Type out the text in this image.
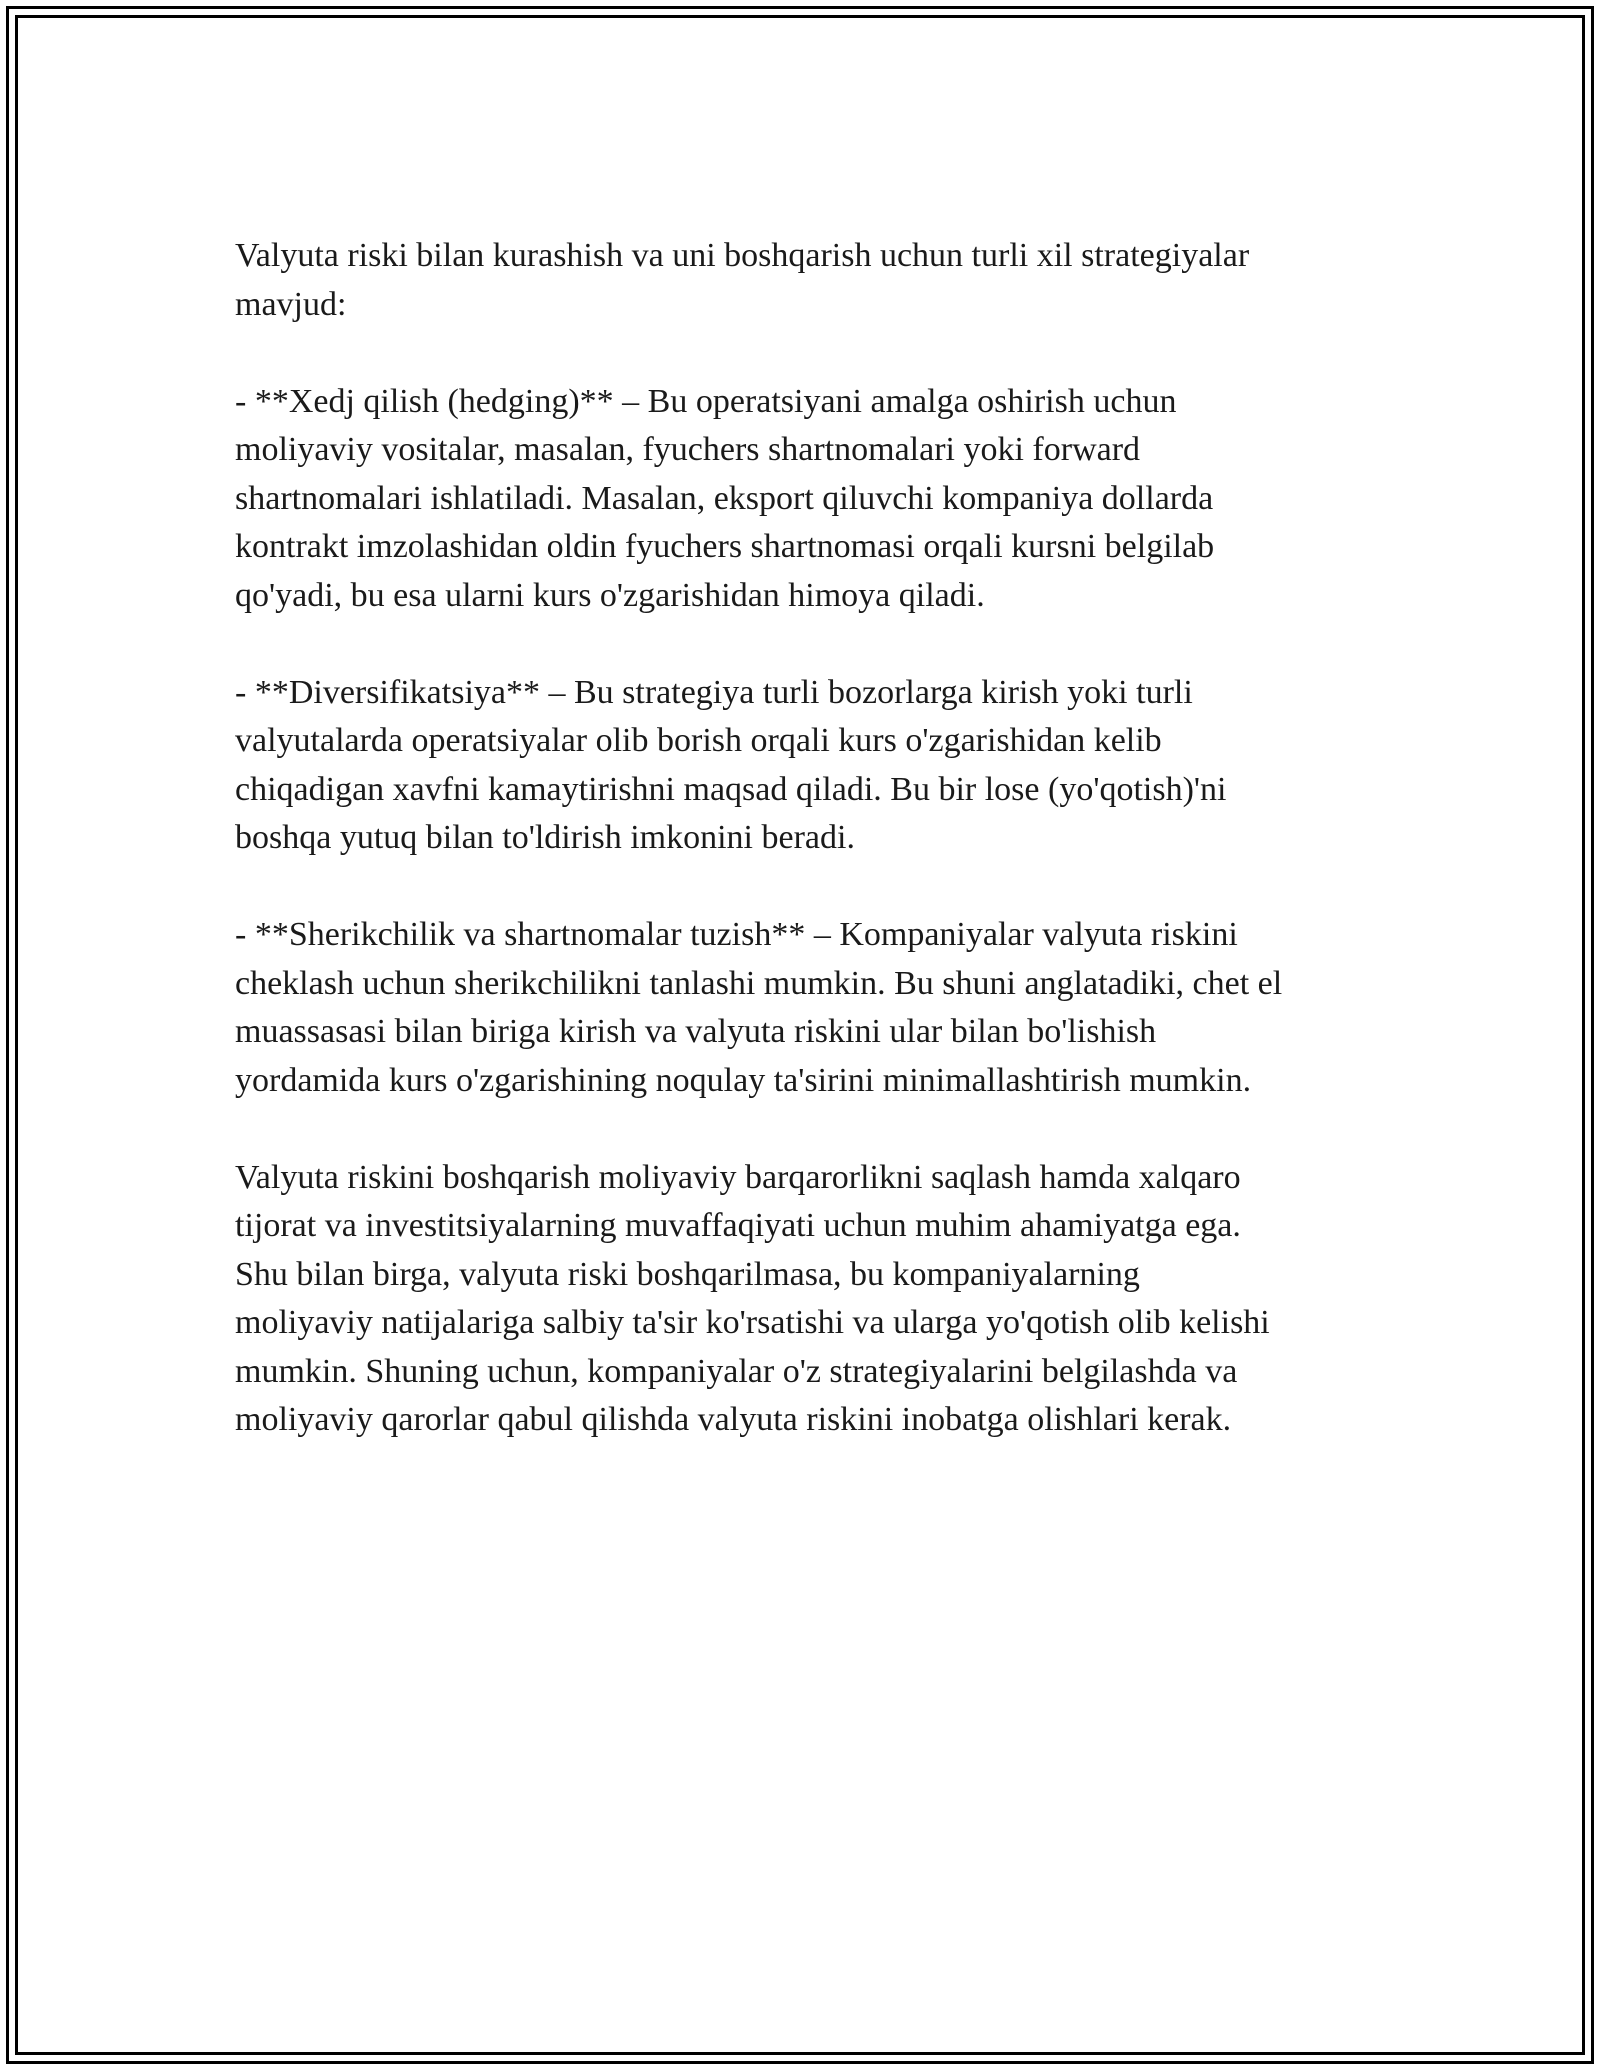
Valyuta riski bilan kurashish va uni boshqarish uchun turli xil strategiyalar
mavjud:

- **Xedj qilish (hedging)** – Bu operatsiyani amalga oshirish uchun
moliyaviy vositalar, masalan, fyuchers shartnomalari yoki forward
shartnomalari ishlatiladi. Masalan, eksport qiluvchi kompaniya dollarda
kontrakt imzolashidan oldin fyuchers shartnomasi orqali kursni belgilab
qo'yadi, bu esa ularni kurs o'zgarishidan himoya qiladi.

- **Diversifikatsiya** – Bu strategiya turli bozorlarga kirish yoki turli
valyutalarda operatsiyalar olib borish orqali kurs o'zgarishidan kelib
chiqadigan xavfni kamaytirishni maqsad qiladi. Bu bir lose (yo'qotish)'ni
boshqa yutuq bilan to'ldirish imkonini beradi.

- **Sherikchilik va shartnomalar tuzish** – Kompaniyalar valyuta riskini
cheklash uchun sherikchilikni tanlashi mumkin. Bu shuni anglatadiki, chet el
muassasasi bilan biriga kirish va valyuta riskini ular bilan bo'lishish
yordamida kurs o'zgarishining noqulay ta'sirini minimallashtirish mumkin.

Valyuta riskini boshqarish moliyaviy barqarorlikni saqlash hamda xalqaro
tijorat va investitsiyalarning muvaffaqiyati uchun muhim ahamiyatga ega.
Shu bilan birga, valyuta riski boshqarilmasa, bu kompaniyalarning
moliyaviy natijalariga salbiy ta'sir ko'rsatishi va ularga yo'qotish olib kelishi
mumkin. Shuning uchun, kompaniyalar o'z strategiyalarini belgilashda va
moliyaviy qarorlar qabul qilishda valyuta riskini inobatga olishlari kerak.
